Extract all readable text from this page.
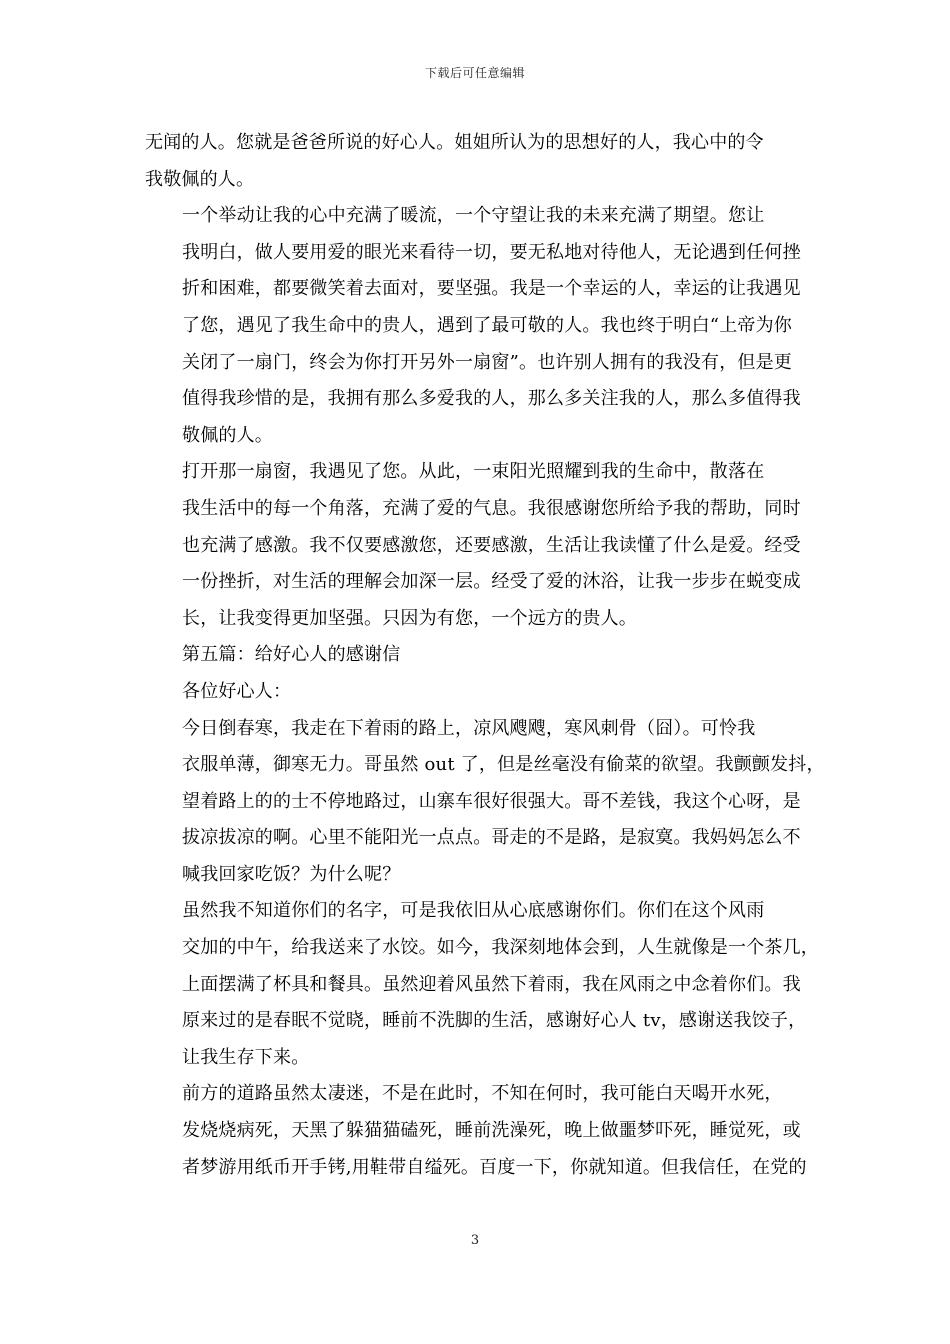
下载后可任意编辑
无闻的人。您就是爸爸所说的好心人。姐姐所认为的思想好的人，我心中的令
我敬佩的人。
一个举动让我的心中充满了暖流，一个守望让我的未来充满了期望。您让
我明白，做人要用爱的眼光来看待一切，要无私地对待他人，无论遇到任何挫
折和困难，都要微笑着去面对，要坚强。我是一个幸运的人，幸运的让我遇见
了您，遇见了我生命中的贵人，遇到了最可敬的人。我也终于明白“上帝为你
关闭了一扇门，终会为你打开另外一扇窗”。也许别人拥有的我没有，但是更
值得我珍惜的是，我拥有那么多爱我的人，那么多关注我的人，那么多值得我
敬佩的人。
打开那一扇窗，我遇见了您。从此，一束阳光照耀到我的生命中，散落在
我生活中的每一个角落，充满了爱的气息。我很感谢您所给予我的帮助，同时
也充满了感激。我不仅要感激您，还要感激，生活让我读懂了什么是爱。经受
一份挫折，对生活的理解会加深一层。经受了爱的沐浴，让我一步步在蜕变成
长，让我变得更加坚强。只因为有您，一个远方的贵人。
第五篇：给好心人的感谢信
各位好心人：
今日倒春寒，我走在下着雨的路上，凉风飕飕，寒风刺骨（囧）。可怜我
衣服单薄，御寒无力。哥虽然 out 了，但是丝毫没有偷菜的欲望。我颤颤发抖，
望着路上的的士不停地路过，山寨车很好很强大。哥不差钱，我这个心呀，是
拔凉拔凉的啊。心里不能阳光一点点。哥走的不是路，是寂寞。我妈妈怎么不
喊我回家吃饭？为什么呢？
虽然我不知道你们的名字，可是我依旧从心底感谢你们。你们在这个风雨
交加的中午，给我送来了水饺。如今，我深刻地体会到，人生就像是一个茶几，
上面摆满了杯具和餐具。虽然迎着风虽然下着雨，我在风雨之中念着你们。我
原来过的是春眠不觉晓，睡前不洗脚的生活，感谢好心人 tv，感谢送我饺子，
让我生存下来。
前方的道路虽然太凄迷，不是在此时，不知在何时，我可能白天喝开水死，
发烧烧病死，天黑了躲猫猫磕死，睡前洗澡死，晚上做噩梦吓死，睡觉死，或
者梦游用纸币开手铐,用鞋带自缢死。百度一下，你就知道。但我信任，在党的
3
